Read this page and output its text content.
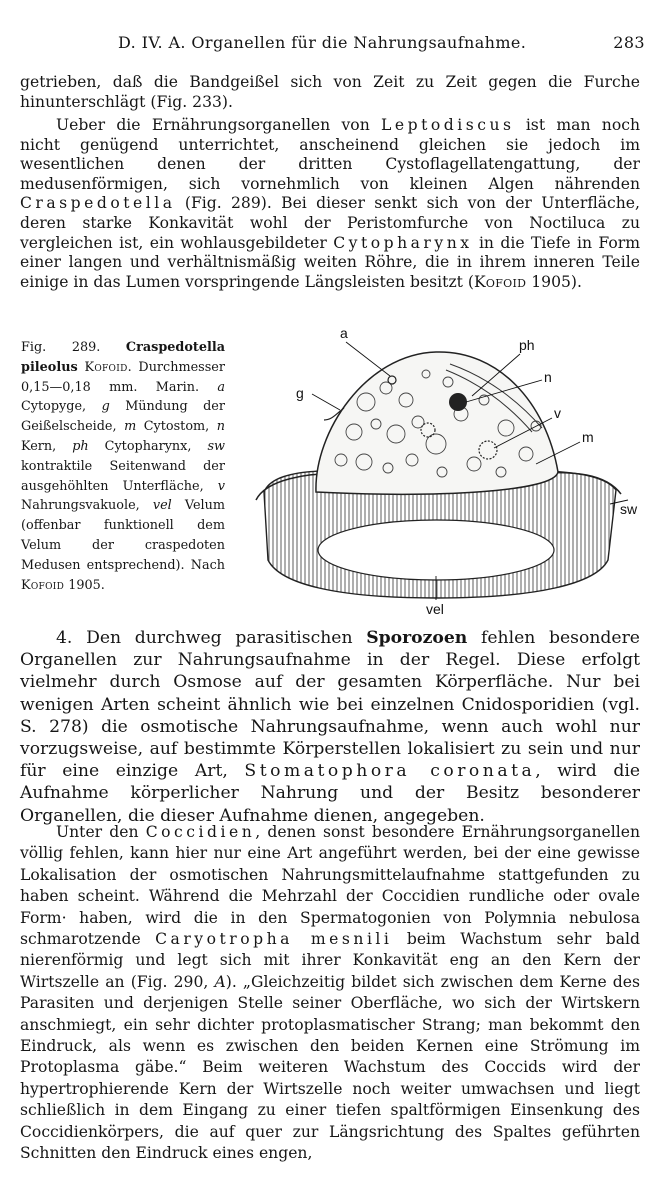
D. IV. A. Organellen für die Nahrungsaufnahme.	283
getrieben, daß die Bandgeißel sich von Zeit zu Zeit gegen die Furche hinunterschlägt (Fig. 233).
Ueber die Ernährungsorganellen von Leptodiscus ist man noch nicht genügend unterrichtet, anscheinend gleichen sie jedoch im wesentlichen denen der dritten Cystoflagellatengattung, der medusenförmigen, sich vornehmlich von kleinen Algen nährenden Craspedotella (Fig. 289). Bei dieser senkt sich von der Unterfläche, deren starke Konkavität wohl der Peristomfurche von Noctiluca zu vergleichen ist, ein wohlausgebildeter Cytopharynx in die Tiefe in Form einer langen und verhältnismäßig weiten Röhre, die in ihrem inneren Teile einige in das Lumen vorspringende Längsleisten besitzt (Kofoid 1905).
Fig. 289. Craspedotella pileolus Kofoid. Durchmesser 0,15—0,18 mm. Marin. a Cytopyge, g Mündung der Geißelscheide, m Cytostom, n Kern, ph Cytopharynx, sw kontraktile Seitenwand der ausgehöhlten Unterfläche, v Nahrungsvakuole, vel Velum (offenbar funktionell dem Velum der craspedoten Medusen entsprechend). Nach Kofoid 1905.
a
ph
n
g
v
m
sw
vel
4. Den durchweg parasitischen Sporozoen fehlen besondere Organellen zur Nahrungsaufnahme in der Regel. Diese erfolgt vielmehr durch Osmose auf der gesamten Körperfläche. Nur bei wenigen Arten scheint ähnlich wie bei einzelnen Cnidosporidien (vgl. S. 278) die osmotische Nahrungsaufnahme, wenn auch wohl nur vorzugsweise, auf bestimmte Körperstellen lokalisiert zu sein und nur für eine einzige Art, Stomatophora coronata, wird die Aufnahme körperlicher Nahrung und der Besitz besonderer Organellen, die dieser Aufnahme dienen, angegeben.
Unter den Coccidien, denen sonst besondere Ernährungsorganellen völlig fehlen, kann hier nur eine Art angeführt werden, bei der eine gewisse Lokalisation der osmotischen Nahrungsmittelaufnahme stattgefunden zu haben scheint. Während die Mehrzahl der Coccidien rundliche oder ovale Form· haben, wird die in den Spermatogonien von Polymnia nebulosa schmarotzende Caryotropha mesnili beim Wachstum sehr bald nierenförmig und legt sich mit ihrer Konkavität eng an den Kern der Wirtszelle an (Fig. 290, A). „Gleichzeitig bildet sich zwischen dem Kerne des Parasiten und derjenigen Stelle seiner Oberfläche, wo sich der Wirtskern anschmiegt, ein sehr dichter protoplasmatischer Strang; man bekommt den Eindruck, als wenn es zwischen den beiden Kernen eine Strömung im Protoplasma gäbe.“ Beim weiteren Wachstum des Coccids wird der hypertrophierende Kern der Wirtszelle noch weiter umwachsen und liegt schließlich in dem Eingang zu einer tiefen spaltförmigen Einsenkung des Coccidienkörpers, die auf quer zur Längsrichtung des Spaltes geführten Schnitten den Eindruck eines engen,
